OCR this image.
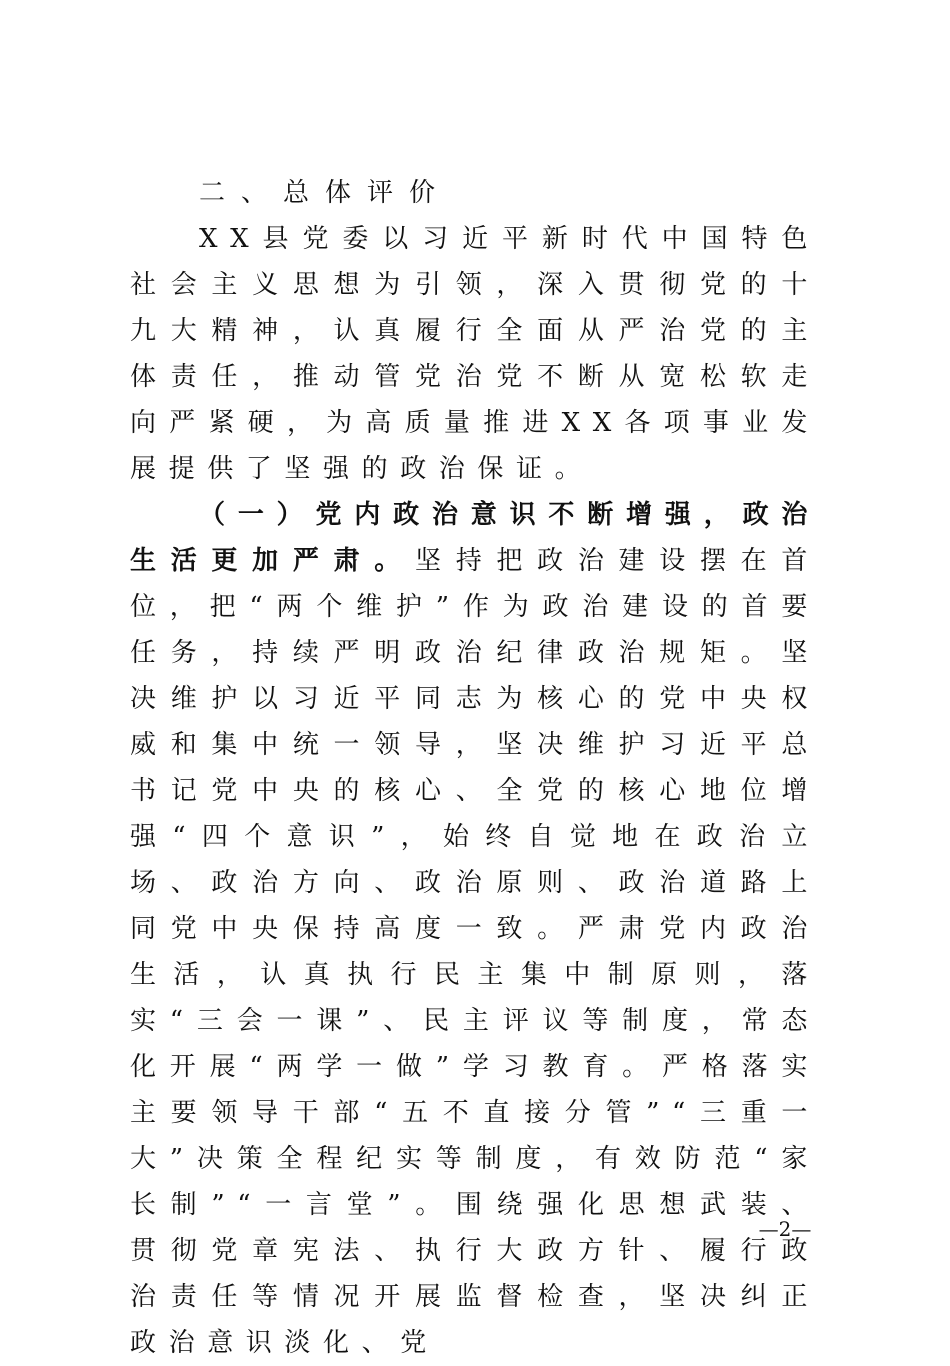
二、总体评价

XX县党委以习近平新时代中国特色社会主义思想为引领，深入贯彻党的十九大精神，认真履行全面从严治党的主体责任，推动管党治党不断从宽松软走向严紧硬，为高质量推进XX各项事业发展提供了坚强的政治保证。

（一）党内政治意识不断增强，政治生活更加严肃。坚持把政治建设摆在首位，把“两个维护”作为政治建设的首要任务，持续严明政治纪律政治规矩。坚决维护以习近平同志为核心的党中央权威和集中统一领导，坚决维护习近平总书记党中央的核心、全党的核心地位增强“四个意识”，始终自觉地在政治立场、政治方向、政治原则、政治道路上同党中央保持高度一致。严肃党内政治生活，认真执行民主集中制原则，落实“三会一课”、民主评议等制度，常态化开展“两学一做”学习教育。严格落实主要领导干部“五不直接分管”“三重一大”决策全程纪实等制度，有效防范“家长制”“一言堂”。围绕强化思想武装、贯彻党章宪法、执行大政方针、履行政治责任等情况开展监督检查，坚决纠正政治意识淡化、党

—2—
